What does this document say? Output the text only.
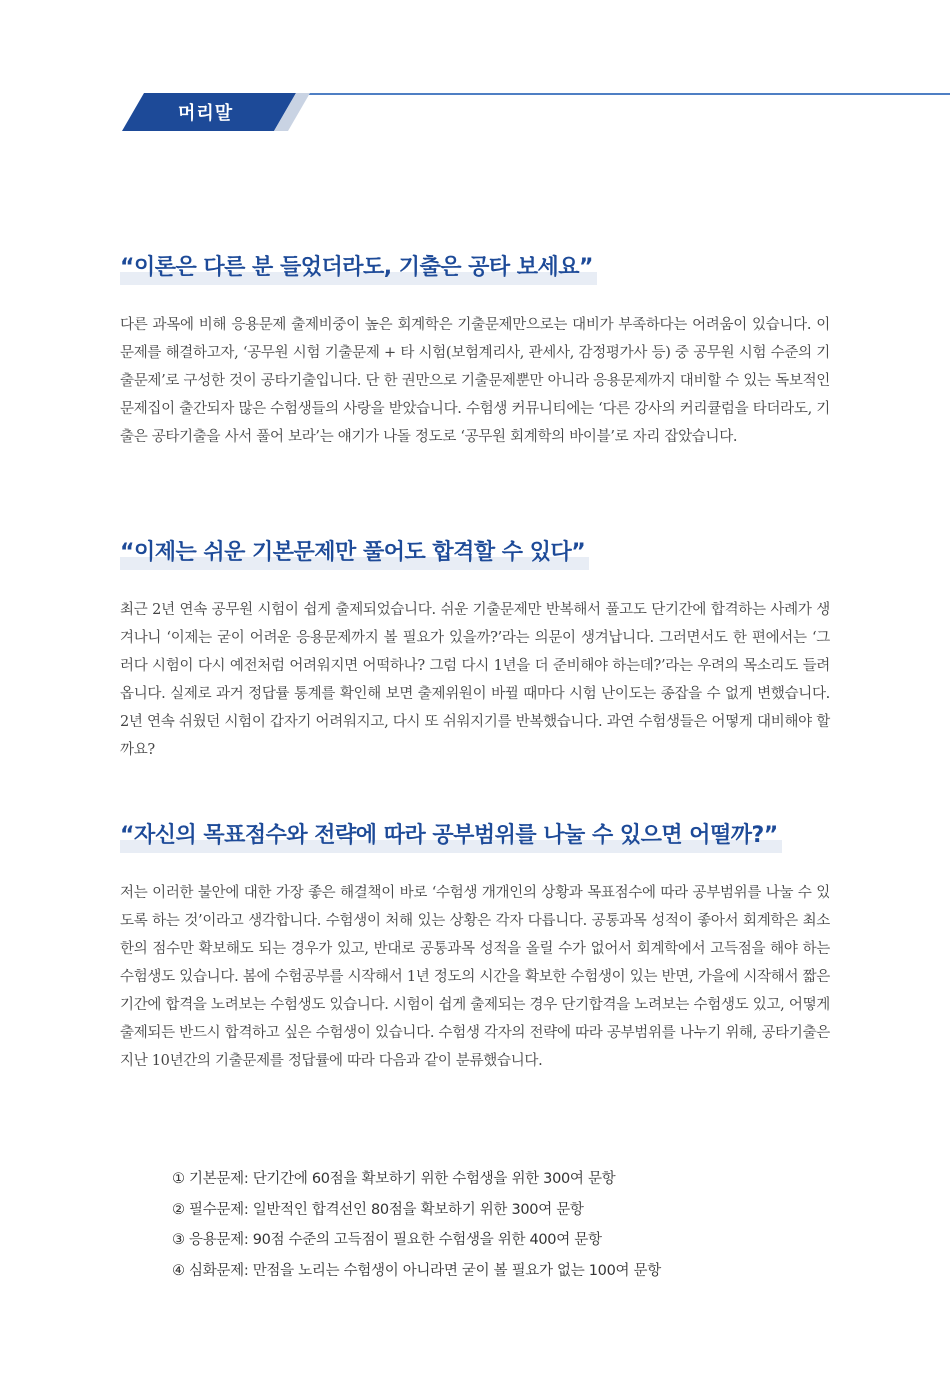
머리말
“이론은 다른 분 들었더라도, 기출은 공타 보세요”
다른 과목에 비해 응용문제 출제비중이 높은 회계학은 기출문제만으로는 대비가 부족하다는 어려움이 있습니다. 이 문제를 해결하고자, ‘공무원 시험 기출문제 + 타 시험(보험계리사, 관세사, 감정평가사 등) 중 공무원 시험 수준의 기출문제’로 구성한 것이 공타기출입니다. 단 한 권만으로 기출문제뿐만 아니라 응용문제까지 대비할 수 있는 독보적인 문제집이 출간되자 많은 수험생들의 사랑을 받았습니다. 수험생 커뮤니티에는 ‘다른 강사의 커리큘럼을 타더라도, 기출은 공타기출을 사서 풀어 보라’는 얘기가 나돌 정도로 ‘공무원 회계학의 바이블’로 자리 잡았습니다.
“이제는 쉬운 기본문제만 풀어도 합격할 수 있다”
최근 2년 연속 공무원 시험이 쉽게 출제되었습니다. 쉬운 기출문제만 반복해서 풀고도 단기간에 합격하는 사례가 생겨나니 ‘이제는 굳이 어려운 응용문제까지 볼 필요가 있을까?’라는 의문이 생겨납니다. 그러면서도 한 편에서는 ‘그러다 시험이 다시 예전처럼 어려워지면 어떡하나? 그럼 다시 1년을 더 준비해야 하는데?’라는 우려의 목소리도 들려옵니다. 실제로 과거 정답률 통계를 확인해 보면 출제위원이 바뀔 때마다 시험 난이도는 종잡을 수 없게 변했습니다. 2년 연속 쉬웠던 시험이 갑자기 어려워지고, 다시 또 쉬워지기를 반복했습니다. 과연 수험생들은 어떻게 대비해야 할까요?
“자신의 목표점수와 전략에 따라 공부범위를 나눌 수 있으면 어떨까?”
저는 이러한 불안에 대한 가장 좋은 해결책이 바로 ‘수험생 개개인의 상황과 목표점수에 따라 공부범위를 나눌 수 있도록 하는 것’이라고 생각합니다. 수험생이 처해 있는 상황은 각자 다릅니다. 공통과목 성적이 좋아서 회계학은 최소한의 점수만 확보해도 되는 경우가 있고, 반대로 공통과목 성적을 올릴 수가 없어서 회계학에서 고득점을 해야 하는 수험생도 있습니다. 봄에 수험공부를 시작해서 1년 정도의 시간을 확보한 수험생이 있는 반면, 가을에 시작해서 짧은 기간에 합격을 노려보는 수험생도 있습니다. 시험이 쉽게 출제되는 경우 단기합격을 노려보는 수험생도 있고, 어떻게 출제되든 반드시 합격하고 싶은 수험생이 있습니다. 수험생 각자의 전략에 따라 공부범위를 나누기 위해, 공타기출은 지난 10년간의 기출문제를 정답률에 따라 다음과 같이 분류했습니다.
① 기본문제: 단기간에 60점을 확보하기 위한 수험생을 위한 300여 문항
② 필수문제: 일반적인 합격선인 80점을 확보하기 위한 300여 문항
③ 응용문제: 90점 수준의 고득점이 필요한 수험생을 위한 400여 문항
④ 심화문제: 만점을 노리는 수험생이 아니라면 굳이 볼 필요가 없는 100여 문항
